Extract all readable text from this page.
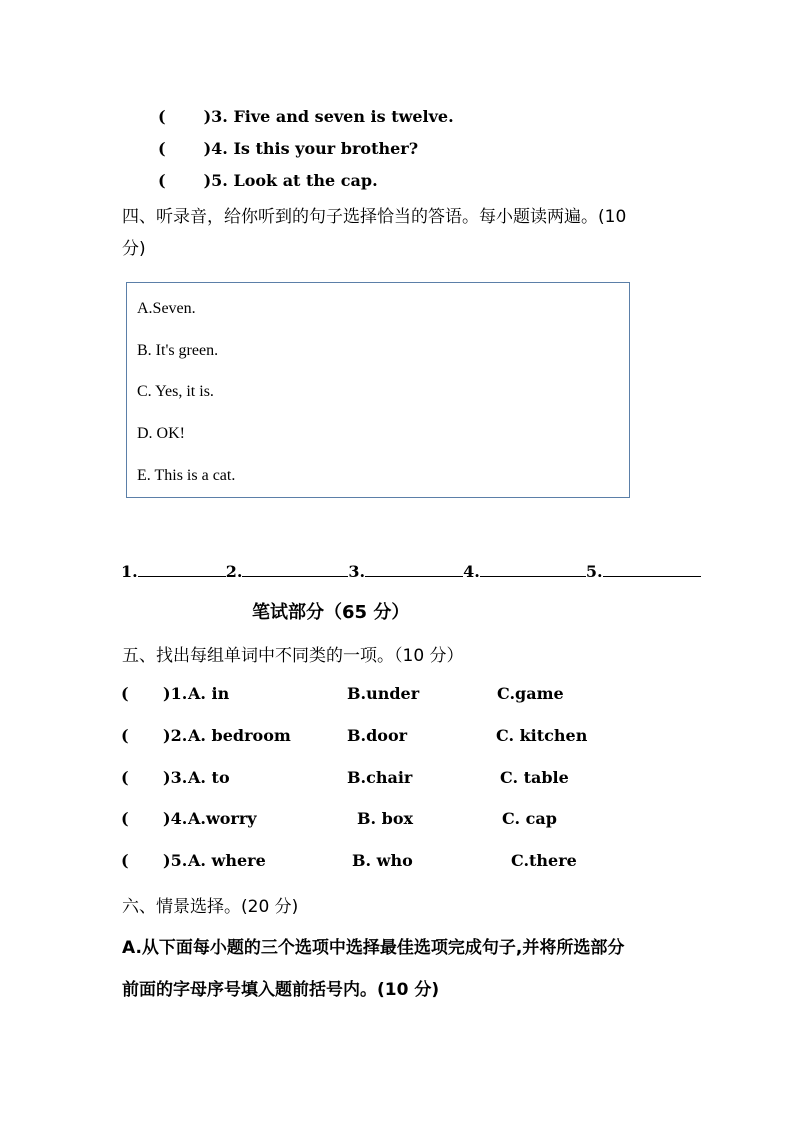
( )3. Five and seven is twelve.
( )4. Is this your brother?
( )5. Look at the cap.
四、听录音，给你听到的句子选择恰当的答语。每小题读两遍。(10
分)
A.Seven.
B. It's green.
C. Yes, it is.
D. OK!
E. This is a cat.
1.	2.	3.	4.	5.
笔试部分（65 分）
五、找出每组单词中不同类的一项。（10 分）
( )1. A. in	B.under	C.game
( )2. A. bedroom	B.door	C. kitchen
( )3. A. to	B.chair	C. table
( )4. A.worry	B. box	C. cap
( )5. A. where	B. who	C.there
六、情景选择。(20 分)
A.从下面每小题的三个选项中选择最佳选项完成句子,并将所选部分
前面的字母序号填入题前括号内。(10 分)
